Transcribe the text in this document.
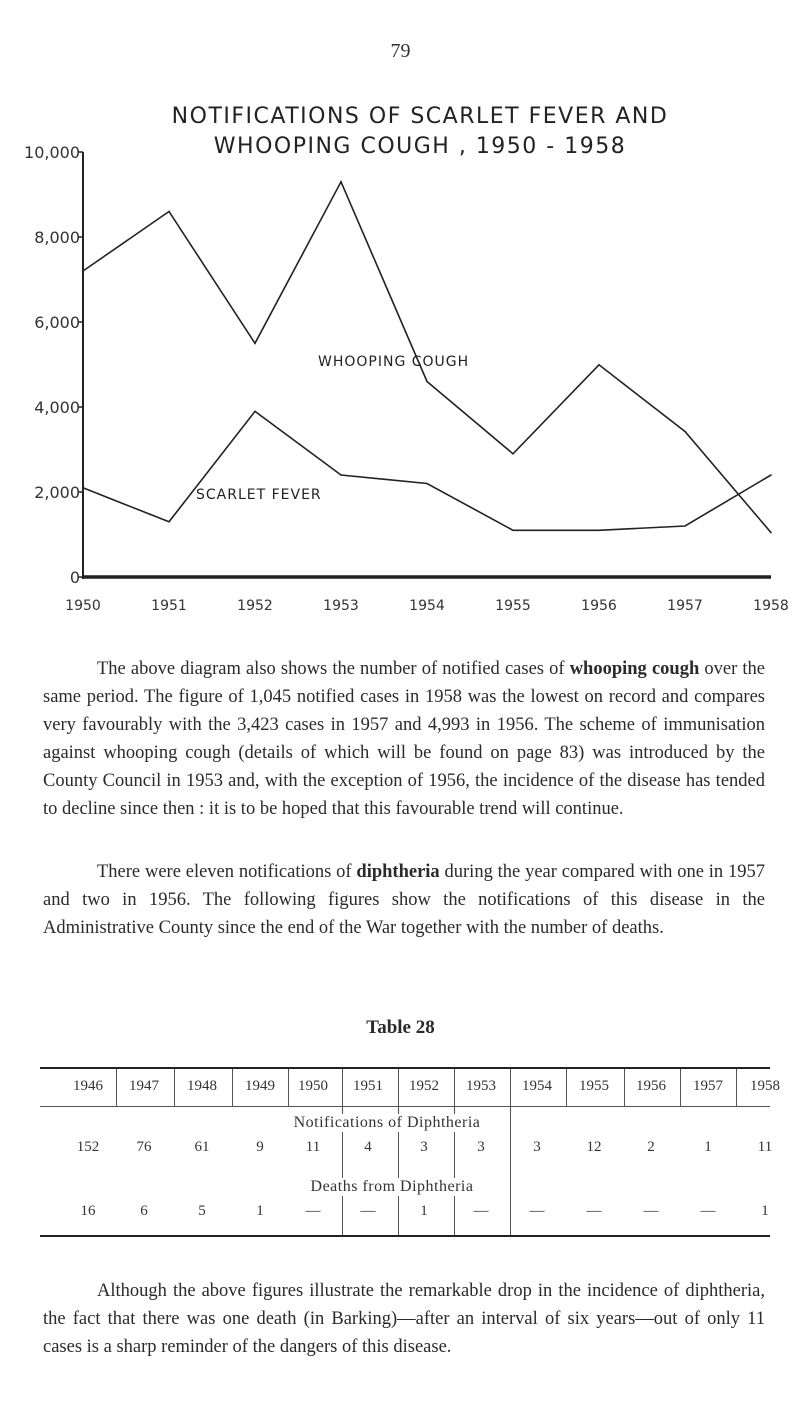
79
NOTIFICATIONS OF SCARLET FEVER AND
WHOOPING COUGH , 1950 - 1958
0
2,000
4,000
6,000
8,000
10,000
1950	1951	1952	1953	1954	1955	1956	1957	1958
WHOOPING COUGH
SCARLET FEVER

The above diagram also shows the number of notified cases of whooping cough over the same period. The figure of 1,045 notified cases in 1958 was the lowest on record and compares very favourably with the 3,423 cases in 1957 and 4,993 in 1956. The scheme of immunisation against whooping cough (details of which will be found on page 83) was introduced by the County Council in 1953 and, with the exception of 1956, the incidence of the disease has tended to decline since then : it is to be hoped that this favourable trend will continue.

There were eleven notifications of diphtheria during the year compared with one in 1957 and two in 1956. The following figures show the notifications of this disease in the Administrative County since the end of the War together with the number of deaths.

Table 28
1946	1947	1948	1949	1950	1951	1952	1953	1954	1955	1956	1957	1958
Notifications of Diphtheria
152	76	61	9	11	4	3	3	3	12	2	1	11
Deaths from Diphtheria
16	6	5	1	—	—	1	—	—	—	—	—	1

Although the above figures illustrate the remarkable drop in the incidence of diphtheria, the fact that there was one death (in Barking)—after an interval of six years—out of only 11 cases is a sharp reminder of the dangers of this disease.
